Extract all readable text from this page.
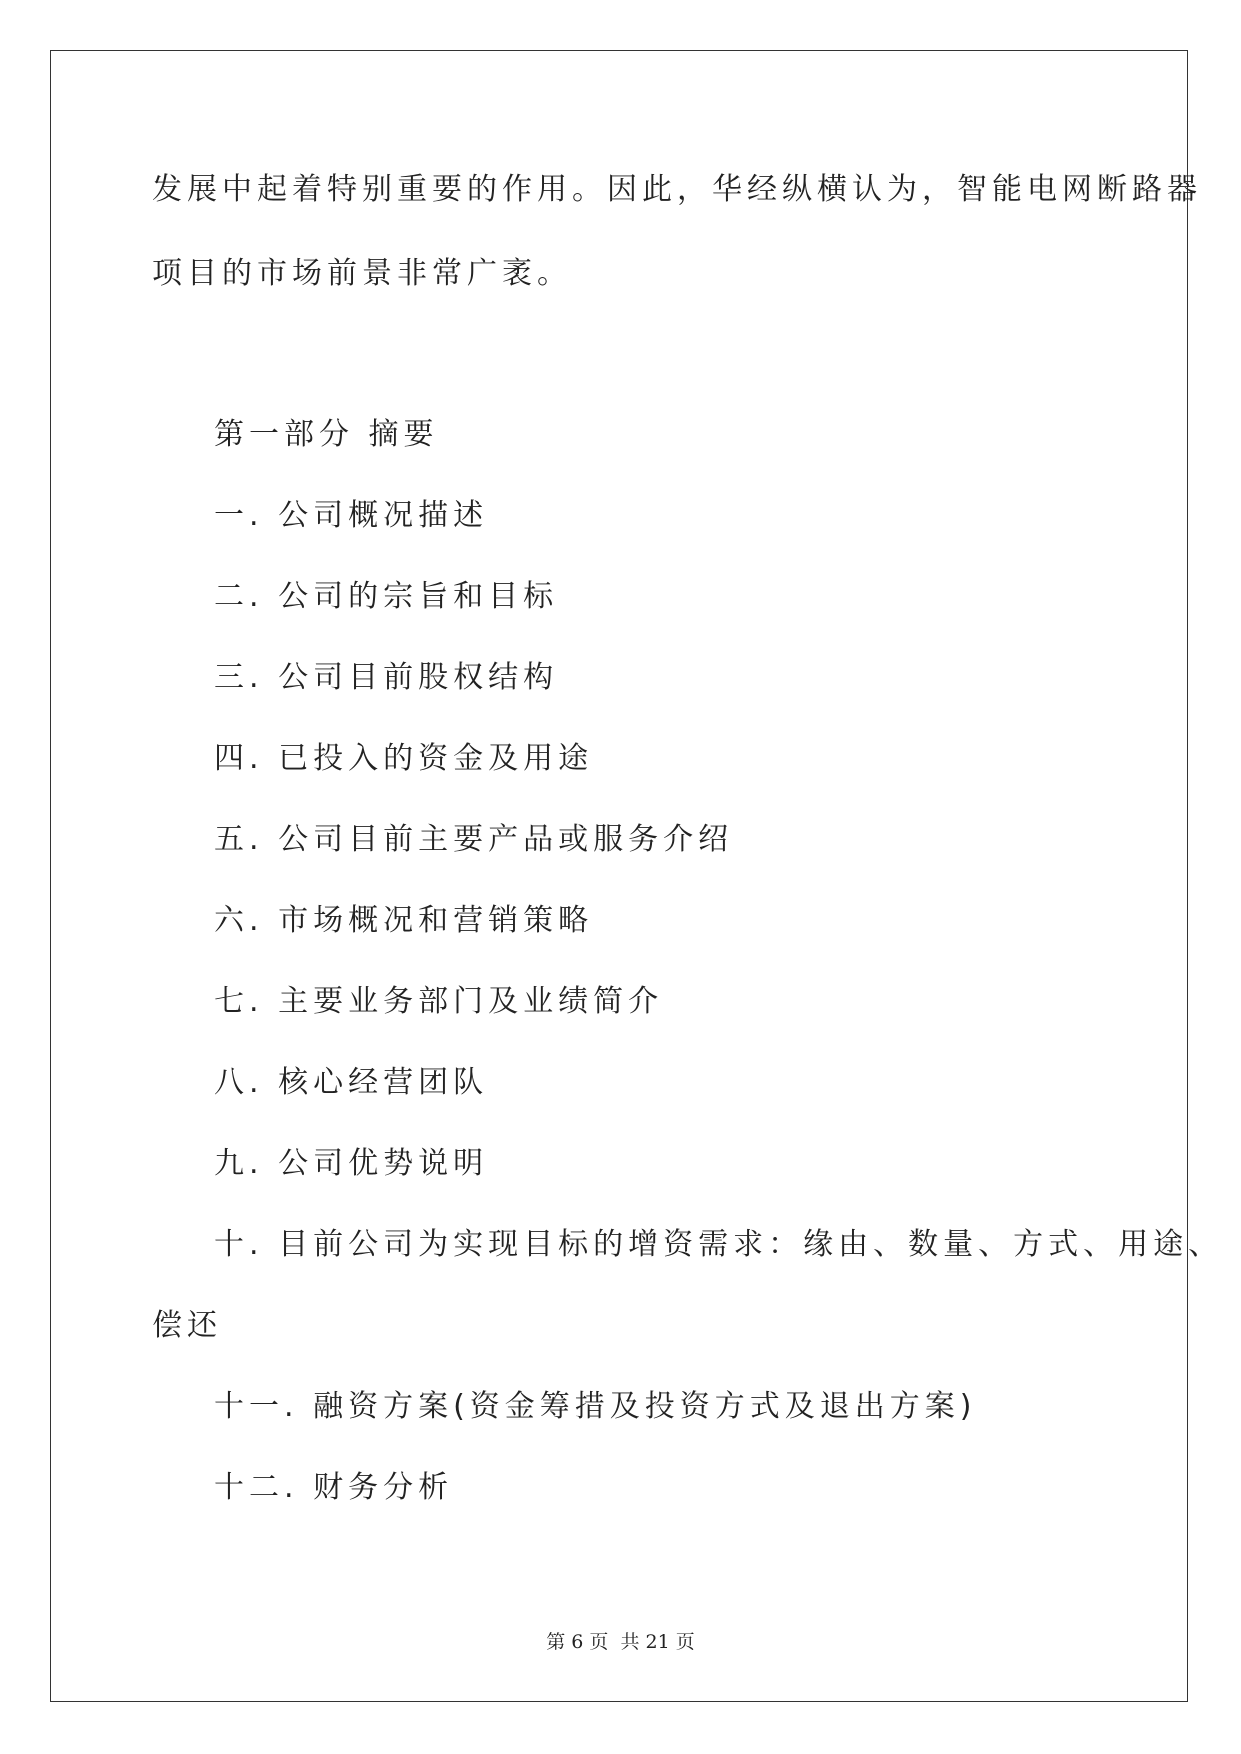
发展中起着特别重要的作用。因此，华经纵横认为，智能电网断路器
项目的市场前景非常广袤。
第一部分 摘要
一. 公司概况描述
二. 公司的宗旨和目标
三. 公司目前股权结构
四. 已投入的资金及用途
五. 公司目前主要产品或服务介绍
六. 市场概况和营销策略
七. 主要业务部门及业绩简介
八. 核心经营团队
九. 公司优势说明
十. 目前公司为实现目标的增资需求：缘由、数量、方式、用途、
偿还
十一. 融资方案(资金筹措及投资方式及退出方案)
十二. 财务分析
第 6 页  共 21 页
